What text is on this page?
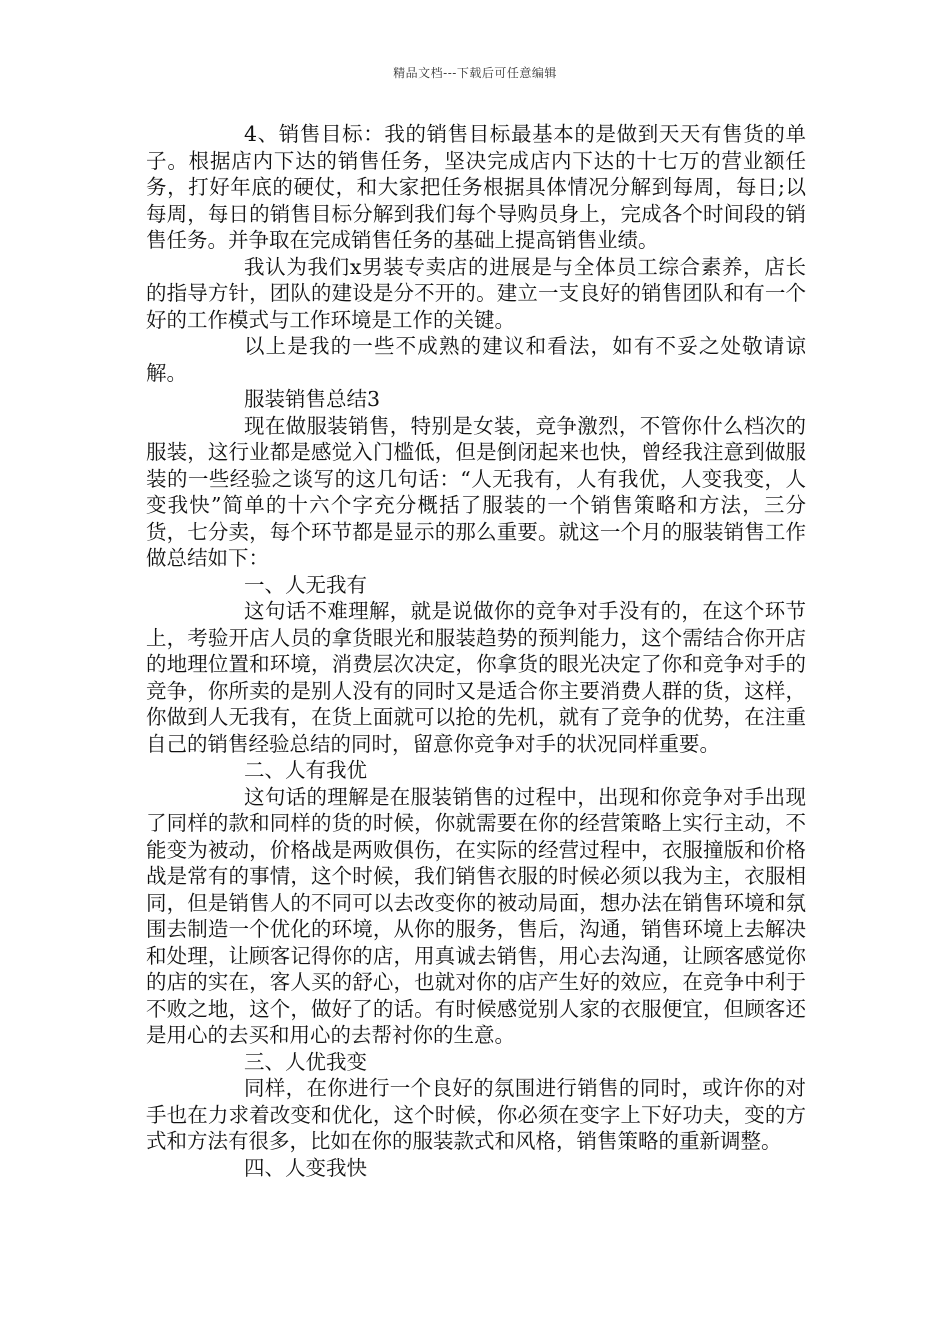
精品文档---下载后可任意编辑

4、销售目标：我的销售目标最基本的是做到天天有售货的单子。根据店内下达的销售任务，坚决完成店内下达的十七万的营业额任务，打好年底的硬仗，和大家把任务根据具体情况分解到每周，每日;以每周，每日的销售目标分解到我们每个导购员身上，完成各个时间段的销售任务。并争取在完成销售任务的基础上提高销售业绩。

我认为我们x男装专卖店的进展是与全体员工综合素养，店长的指导方针，团队的建设是分不开的。建立一支良好的销售团队和有一个好的工作模式与工作环境是工作的关键。

以上是我的一些不成熟的建议和看法，如有不妥之处敬请谅解。

服装销售总结3

现在做服装销售，特别是女装，竞争激烈，不管你什么档次的服装，这行业都是感觉入门槛低，但是倒闭起来也快，曾经我注意到做服装的一些经验之谈写的这几句话：“人无我有，人有我优，人变我变，人变我快”简单的十六个字充分概括了服装的一个销售策略和方法，三分货，七分卖，每个环节都是显示的那么重要。就这一个月的服装销售工作做总结如下：

一、人无我有

这句话不难理解，就是说做你的竞争对手没有的，在这个环节上，考验开店人员的拿货眼光和服装趋势的预判能力，这个需结合你开店的地理位置和环境，消费层次决定，你拿货的眼光决定了你和竞争对手的竞争，你所卖的是别人没有的同时又是适合你主要消费人群的货，这样，你做到人无我有，在货上面就可以抢的先机，就有了竞争的优势，在注重自己的销售经验总结的同时，留意你竞争对手的状况同样重要。

二、人有我优

这句话的理解是在服装销售的过程中，出现和你竞争对手出现了同样的款和同样的货的时候，你就需要在你的经营策略上实行主动，不能变为被动，价格战是两败俱伤，在实际的经营过程中，衣服撞版和价格战是常有的事情，这个时候，我们销售衣服的时候必须以我为主，衣服相同，但是销售人的不同可以去改变你的被动局面，想办法在销售环境和氛围去制造一个优化的环境，从你的服务，售后，沟通，销售环境上去解决和处理，让顾客记得你的店，用真诚去销售，用心去沟通，让顾客感觉你的店的实在，客人买的舒心，也就对你的店产生好的效应，在竞争中利于不败之地，这个，做好了的话。有时候感觉别人家的衣服便宜，但顾客还是用心的去买和用心的去帮衬你的生意。

三、人优我变

同样，在你进行一个良好的氛围进行销售的同时，或许你的对手也在力求着改变和优化，这个时候，你必须在变字上下好功夫，变的方式和方法有很多，比如在你的服装款式和风格，销售策略的重新调整。

四、人变我快
